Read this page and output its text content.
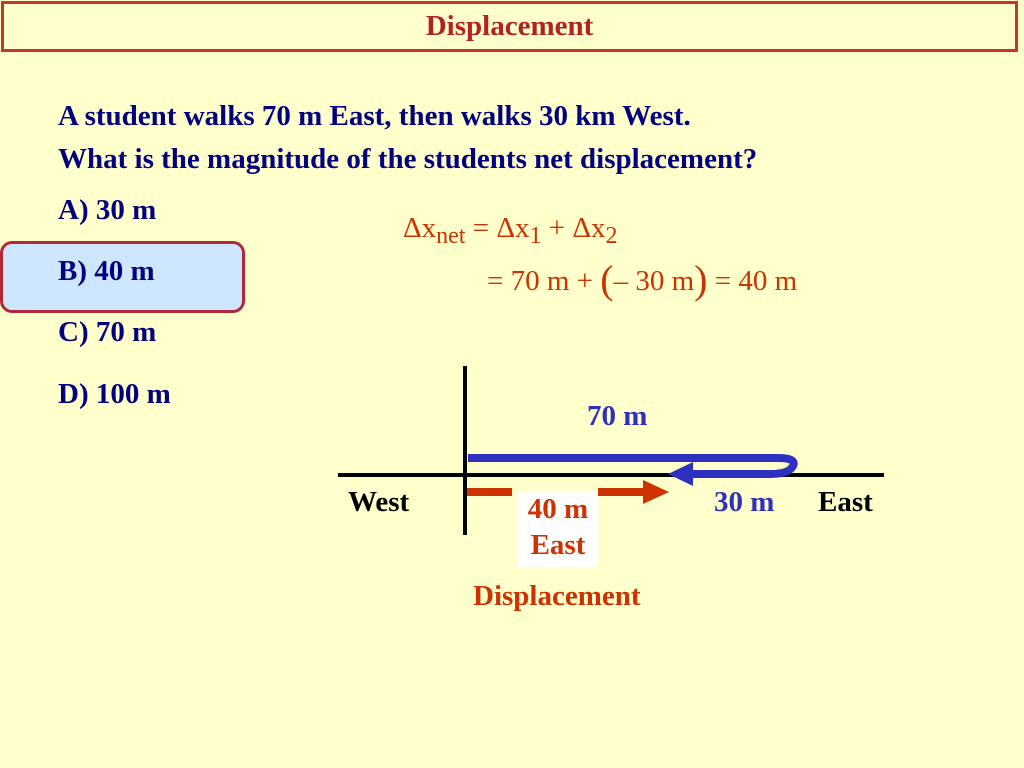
Displacement
A student walks 70 m East, then walks 30 km West.
What is the magnitude of the students net displacement?
A) 30 m
B) 40 m
C) 70 m
D) 100 m
$\Delta x_{net} = \Delta x_1 + \Delta x_2$
= 70 m + (– 30 m) = 40 m
70 m
30 m
West	East
40 m
East
Displacement
